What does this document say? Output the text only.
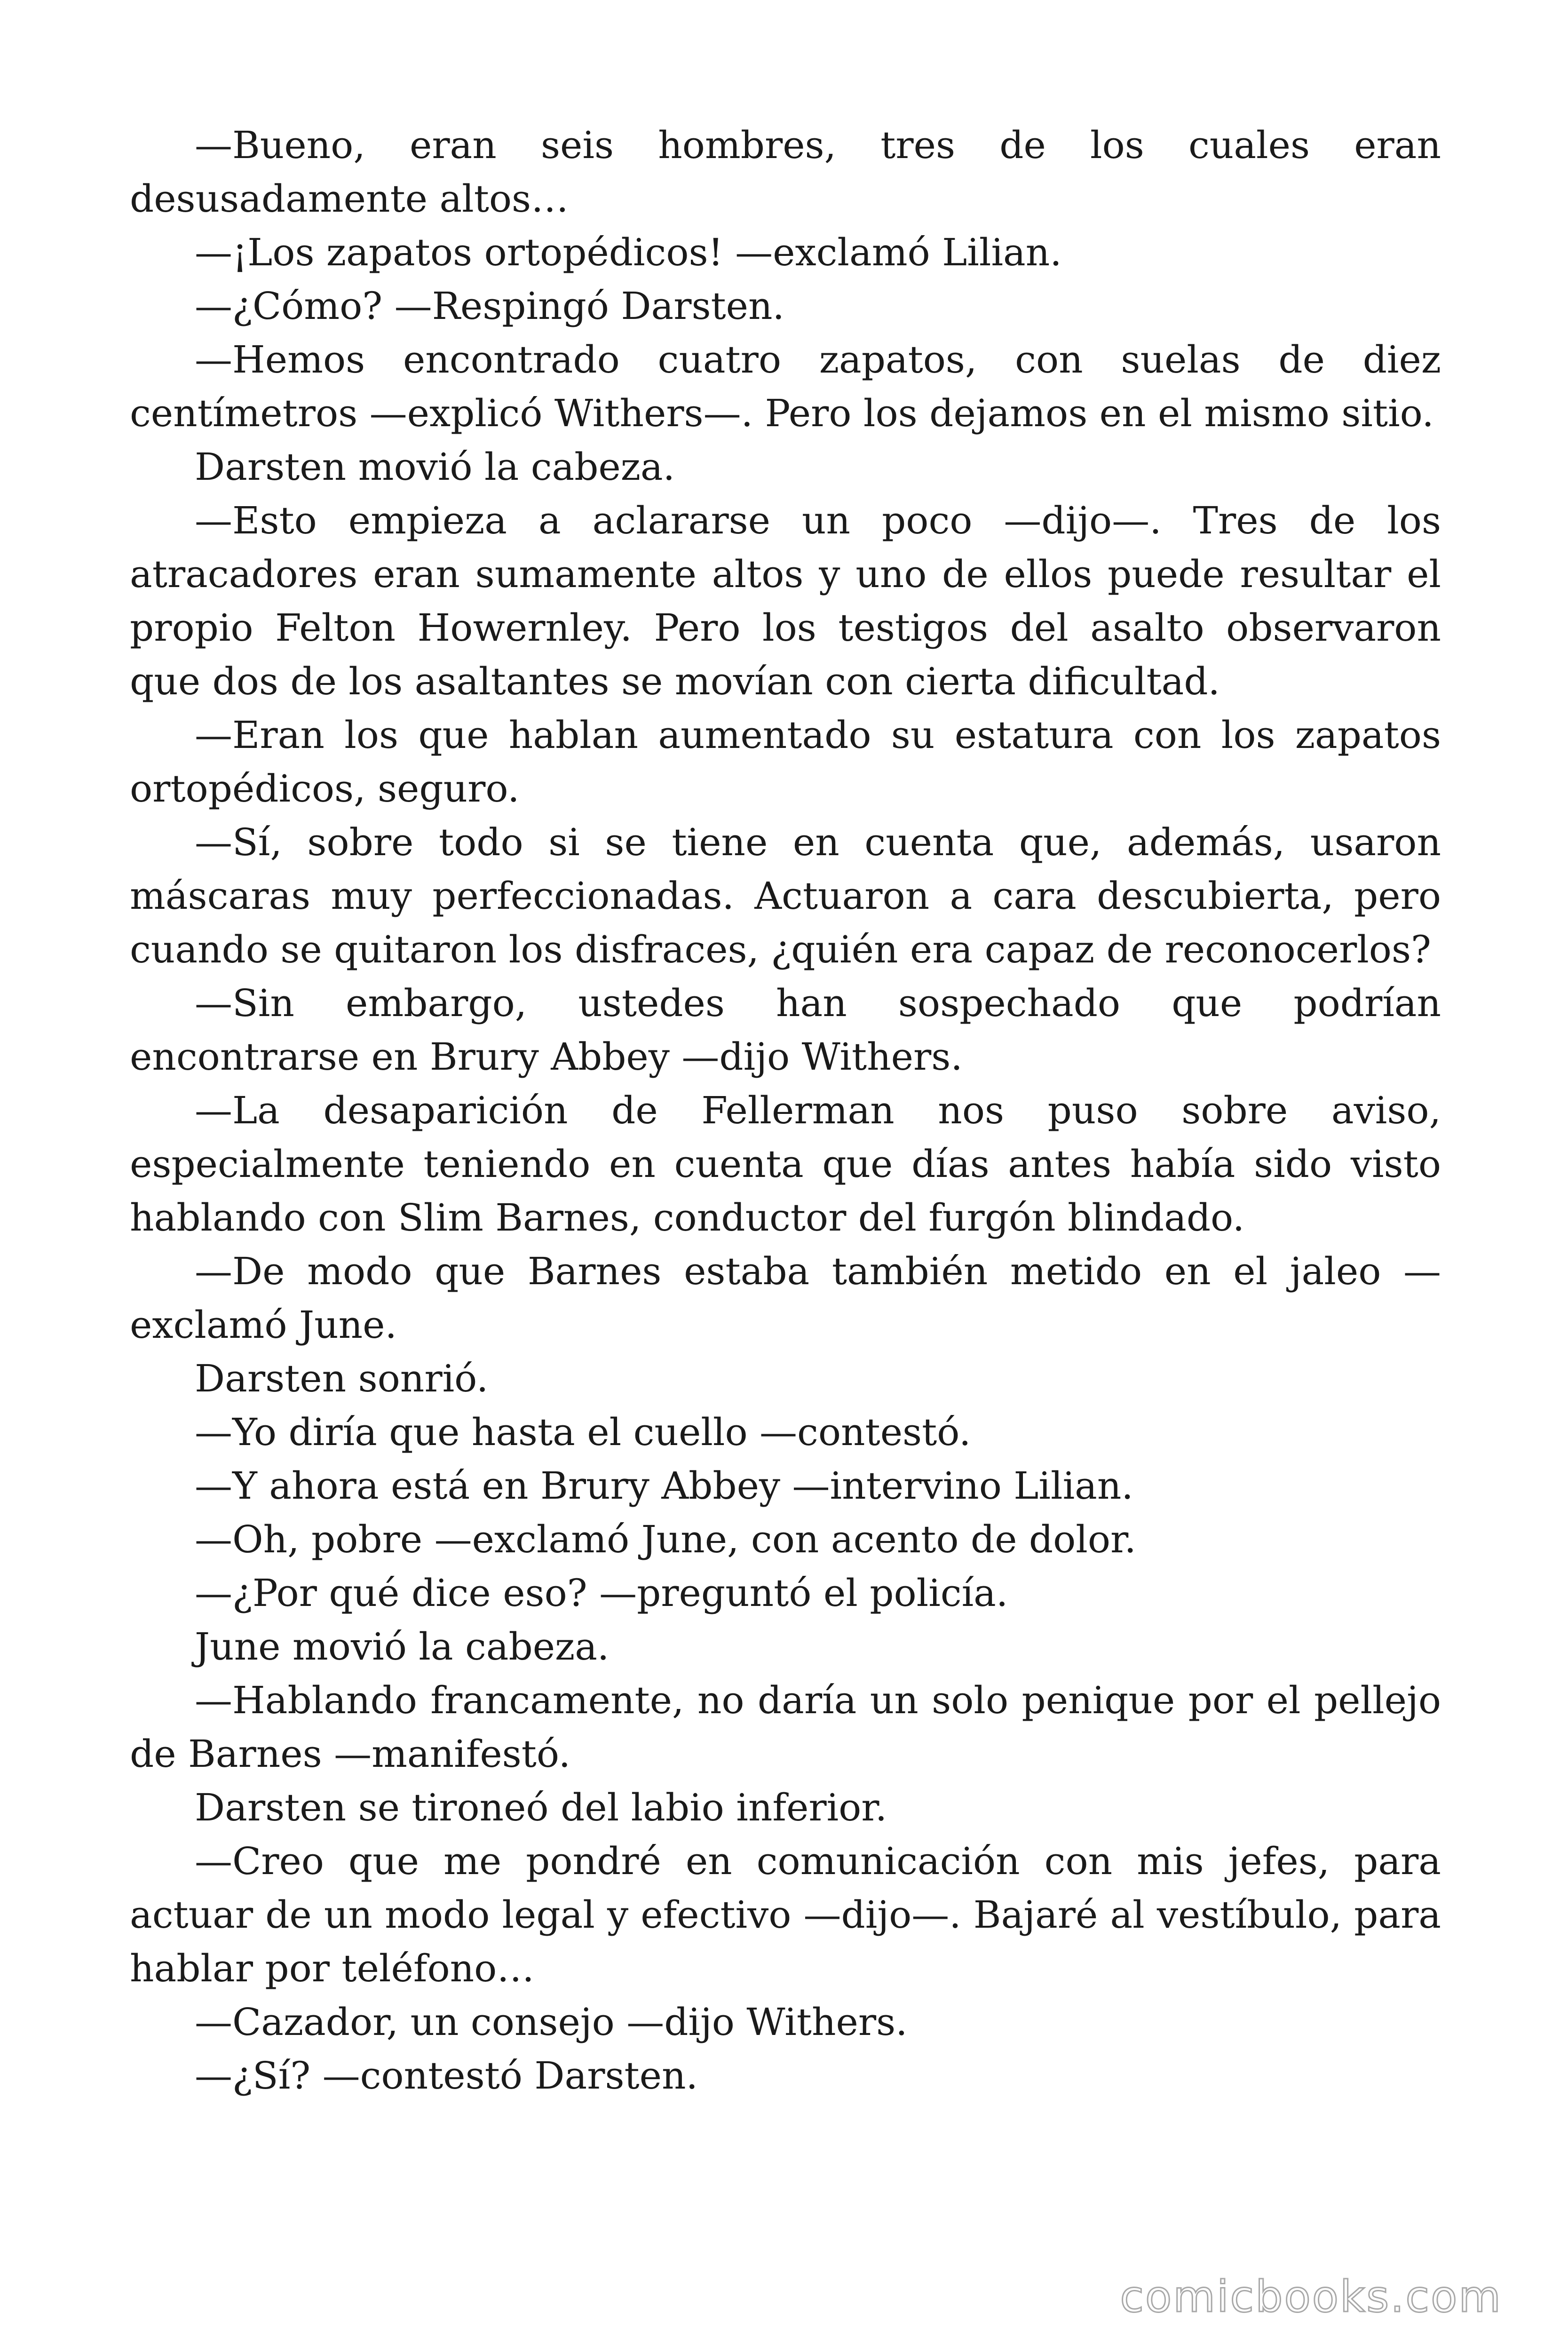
—Bueno, eran seis hombres, tres de los cuales eran desusadamente altos…

—¡Los zapatos ortopédicos! —exclamó Lilian.

—¿Cómo? —Respingó Darsten.

—Hemos encontrado cuatro zapatos, con suelas de diez centímetros —explicó Withers—. Pero los dejamos en el mismo sitio.

Darsten movió la cabeza.

—Esto empieza a aclararse un poco —dijo—. Tres de los atracadores eran sumamente altos y uno de ellos puede resultar el propio Felton Howernley. Pero los testigos del asalto observaron que dos de los asaltantes se movían con cierta dificultad.

—Eran los que hablan aumentado su estatura con los zapatos ortopédicos, seguro.

—Sí, sobre todo si se tiene en cuenta que, además, usaron máscaras muy perfeccionadas. Actuaron a cara descubierta, pero cuando se quitaron los disfraces, ¿quién era capaz de reconocerlos?

—Sin embargo, ustedes han sospechado que podrían encontrarse en Brury Abbey —dijo Withers.

—La desaparición de Fellerman nos puso sobre aviso, especialmente teniendo en cuenta que días antes había sido visto hablando con Slim Barnes, conductor del furgón blindado.

—De modo que Barnes estaba también metido en el jaleo —exclamó June.

Darsten sonrió.

—Yo diría que hasta el cuello —contestó.

—Y ahora está en Brury Abbey —intervino Lilian.

—Oh, pobre —exclamó June, con acento de dolor.

—¿Por qué dice eso? —preguntó el policía.

June movió la cabeza.

—Hablando francamente, no daría un solo penique por el pellejo de Barnes —manifestó.

Darsten se tironeó del labio inferior.

—Creo que me pondré en comunicación con mis jefes, para actuar de un modo legal y efectivo —dijo—. Bajaré al vestíbulo, para hablar por teléfono…

—Cazador, un consejo —dijo Withers.

—¿Sí? —contestó Darsten.

comicbooks.com
